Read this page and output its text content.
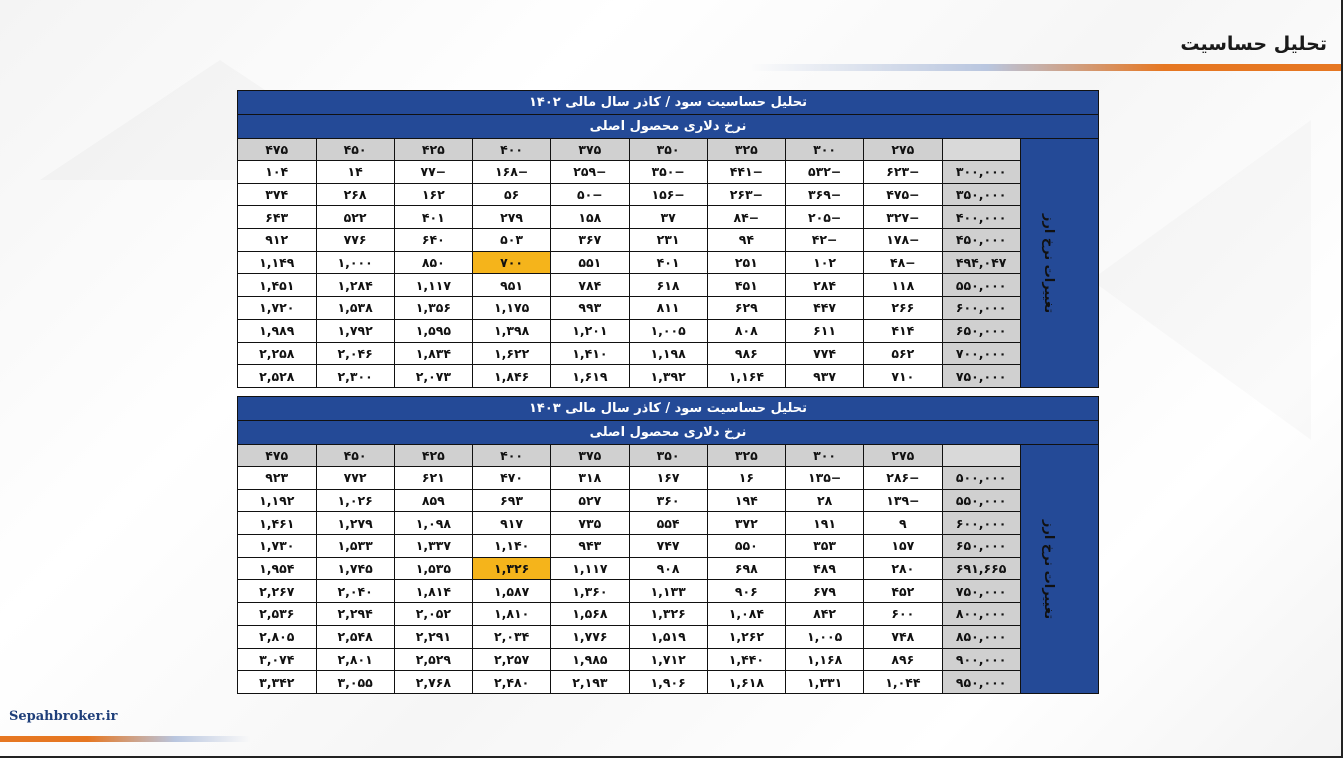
تحلیل حساسیت
تحلیل حساسیت سود / کاذر سال مالی ۱۴۰۲										
نرخ دلاری محصول اصلی										
تغییرات نرخ ارز		۲۷۵	۳۰۰	۳۲۵	۳۵۰	۳۷۵	۴۰۰	۴۲۵	۴۵۰	۴۷۵
	۳۰۰,۰۰۰	−۶۲۳	−۵۳۲	−۴۴۱	−۳۵۰	−۲۵۹	−۱۶۸	−۷۷	۱۴	۱۰۴
	۳۵۰,۰۰۰	−۴۷۵	−۳۶۹	−۲۶۳	−۱۵۶	−۵۰	۵۶	۱۶۲	۲۶۸	۳۷۴
	۴۰۰,۰۰۰	−۳۲۷	−۲۰۵	−۸۴	۳۷	۱۵۸	۲۷۹	۴۰۱	۵۲۲	۶۴۳
	۴۵۰,۰۰۰	−۱۷۸	−۴۲	۹۴	۲۳۱	۳۶۷	۵۰۳	۶۴۰	۷۷۶	۹۱۲
	۴۹۴,۰۴۷	−۴۸	۱۰۲	۲۵۱	۴۰۱	۵۵۱	۷۰۰	۸۵۰	۱,۰۰۰	۱,۱۴۹
	۵۵۰,۰۰۰	۱۱۸	۲۸۴	۴۵۱	۶۱۸	۷۸۴	۹۵۱	۱,۱۱۷	۱,۲۸۴	۱,۴۵۱
	۶۰۰,۰۰۰	۲۶۶	۴۴۷	۶۲۹	۸۱۱	۹۹۳	۱,۱۷۵	۱,۳۵۶	۱,۵۳۸	۱,۷۲۰
	۶۵۰,۰۰۰	۴۱۴	۶۱۱	۸۰۸	۱,۰۰۵	۱,۲۰۱	۱,۳۹۸	۱,۵۹۵	۱,۷۹۲	۱,۹۸۹
	۷۰۰,۰۰۰	۵۶۲	۷۷۴	۹۸۶	۱,۱۹۸	۱,۴۱۰	۱,۶۲۲	۱,۸۳۴	۲,۰۴۶	۲,۲۵۸
	۷۵۰,۰۰۰	۷۱۰	۹۳۷	۱,۱۶۴	۱,۳۹۲	۱,۶۱۹	۱,۸۴۶	۲,۰۷۳	۲,۳۰۰	۲,۵۲۸
تحلیل حساسیت سود / کاذر سال مالی ۱۴۰۳										
نرخ دلاری محصول اصلی										
تغییرات نرخ ارز		۲۷۵	۳۰۰	۳۲۵	۳۵۰	۳۷۵	۴۰۰	۴۲۵	۴۵۰	۴۷۵
	۵۰۰,۰۰۰	−۲۸۶	−۱۳۵	۱۶	۱۶۷	۳۱۸	۴۷۰	۶۲۱	۷۷۲	۹۲۳
	۵۵۰,۰۰۰	−۱۳۹	۲۸	۱۹۴	۳۶۰	۵۲۷	۶۹۳	۸۵۹	۱,۰۲۶	۱,۱۹۲
	۶۰۰,۰۰۰	۹	۱۹۱	۳۷۲	۵۵۴	۷۳۵	۹۱۷	۱,۰۹۸	۱,۲۷۹	۱,۴۶۱
	۶۵۰,۰۰۰	۱۵۷	۳۵۳	۵۵۰	۷۴۷	۹۴۳	۱,۱۴۰	۱,۳۳۷	۱,۵۳۳	۱,۷۳۰
	۶۹۱,۶۶۵	۲۸۰	۴۸۹	۶۹۸	۹۰۸	۱,۱۱۷	۱,۳۲۶	۱,۵۳۵	۱,۷۴۵	۱,۹۵۴
	۷۵۰,۰۰۰	۴۵۲	۶۷۹	۹۰۶	۱,۱۳۳	۱,۳۶۰	۱,۵۸۷	۱,۸۱۴	۲,۰۴۰	۲,۲۶۷
	۸۰۰,۰۰۰	۶۰۰	۸۴۲	۱,۰۸۴	۱,۳۲۶	۱,۵۶۸	۱,۸۱۰	۲,۰۵۲	۲,۲۹۴	۲,۵۳۶
	۸۵۰,۰۰۰	۷۴۸	۱,۰۰۵	۱,۲۶۲	۱,۵۱۹	۱,۷۷۶	۲,۰۳۴	۲,۲۹۱	۲,۵۴۸	۲,۸۰۵
	۹۰۰,۰۰۰	۸۹۶	۱,۱۶۸	۱,۴۴۰	۱,۷۱۲	۱,۹۸۵	۲,۲۵۷	۲,۵۲۹	۲,۸۰۱	۳,۰۷۴
	۹۵۰,۰۰۰	۱,۰۴۴	۱,۳۳۱	۱,۶۱۸	۱,۹۰۶	۲,۱۹۳	۲,۴۸۰	۲,۷۶۸	۳,۰۵۵	۳,۳۴۲
Sepahbroker.ir
